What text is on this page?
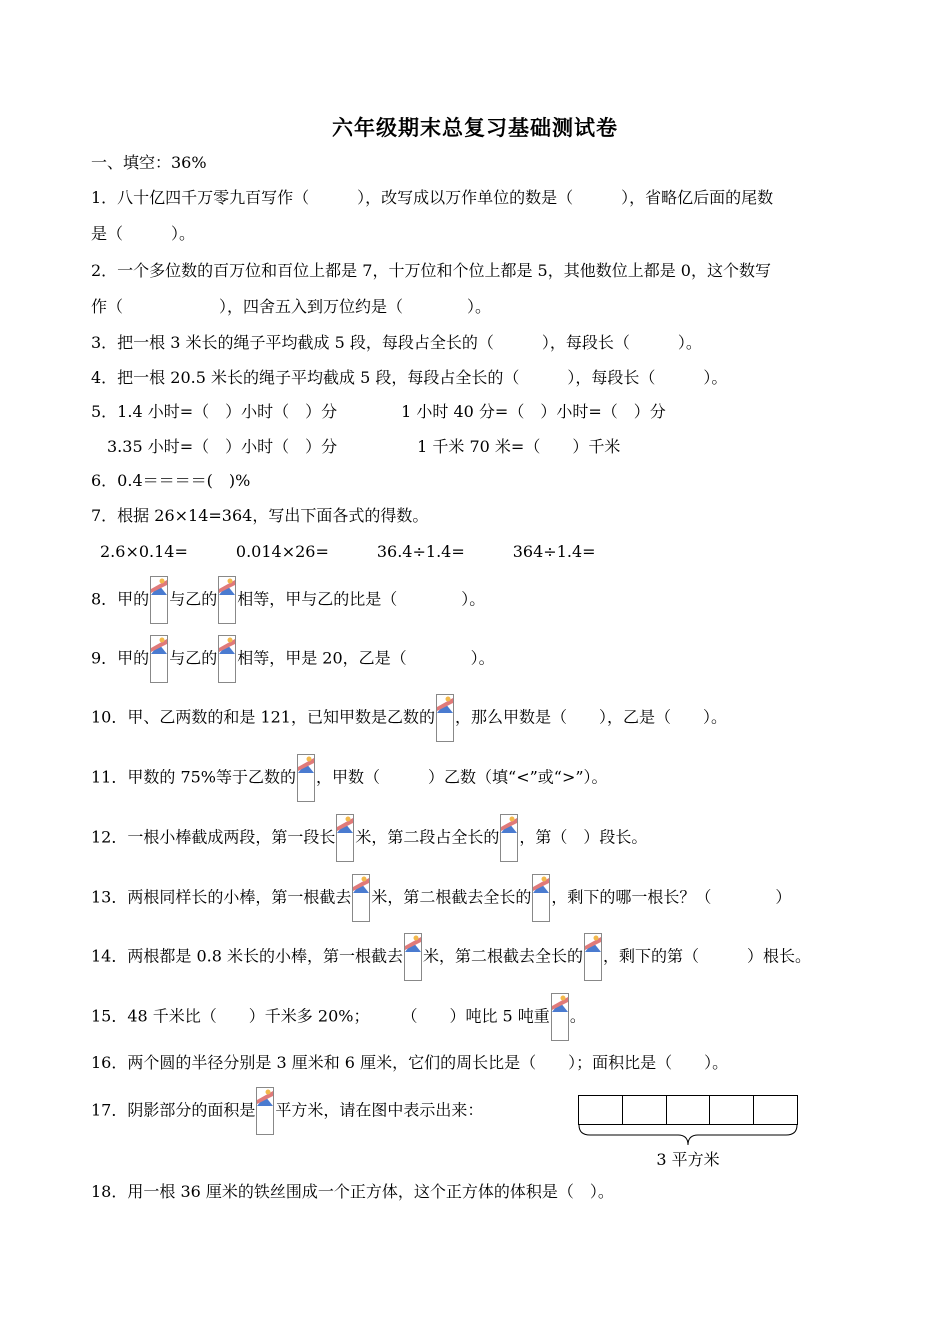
六年级期末总复习基础测试卷
一、填空：36%
1．八十亿四千万零九百写作（　　　），改写成以万作单位的数是（　　　），省略亿后面的尾数
是（　　　）。
2．一个多位数的百万位和百位上都是 7，十万位和个位上都是 5，其他数位上都是 0，这个数写
作（　　　　　　），四舍五入到万位约是（　　　　）。
3．把一根 3 米长的绳子平均截成 5 段，每段占全长的（　　　），每段长（　　　）。
4．把一根 20.5 米长的绳子平均截成 5 段，每段占全长的（　　　），每段长（　　　）。
5．1.4 小时=（　）小时（　）分　　　　1 小时 40 分=（　）小时=（　）分
　3.35 小时=（　）小时（　）分　　　　　1 千米 70 米=（　　）千米
6．0.4＝＝＝＝(　)%
7．根据 26×14=364，写出下面各式的得数。
2.6×0.14=　　　0.014×26=　　　36.4÷1.4=　　　364÷1.4=
8．甲的 与乙的 相等，甲与乙的比是（　　　　）。
9．甲的 与乙的 相等，甲是 20，乙是（　　　　）。
10．甲、乙两数的和是 121，已知甲数是乙数的 ，那么甲数是（　　），乙是（　　）。
11．甲数的 75%等于乙数的 ，甲数（　　　）乙数（填“<”或“>”）。
12．一根小棒截成两段，第一段长 米，第二段占全长的 ，第（　）段长。
13．两根同样长的小棒，第一根截去 米，第二根截去全长的 ，剩下的哪一根长？（　　　　）
14．两根都是 0.8 米长的小棒，第一根截去 米，第二根截去全长的 ，剩下的第（　　　）根长。
15．48 千米比（　　）千米多 20%；　　　（　　）吨比 5 吨重 。
16．两个圆的半径分别是 3 厘米和 6 厘米，它们的周长比是（　　）；面积比是（　　）。
17．阴影部分的面积是 平方米，请在图中表示出来：
3 平方米
18．用一根 36 厘米的铁丝围成一个正方体，这个正方体的体积是（　）。
